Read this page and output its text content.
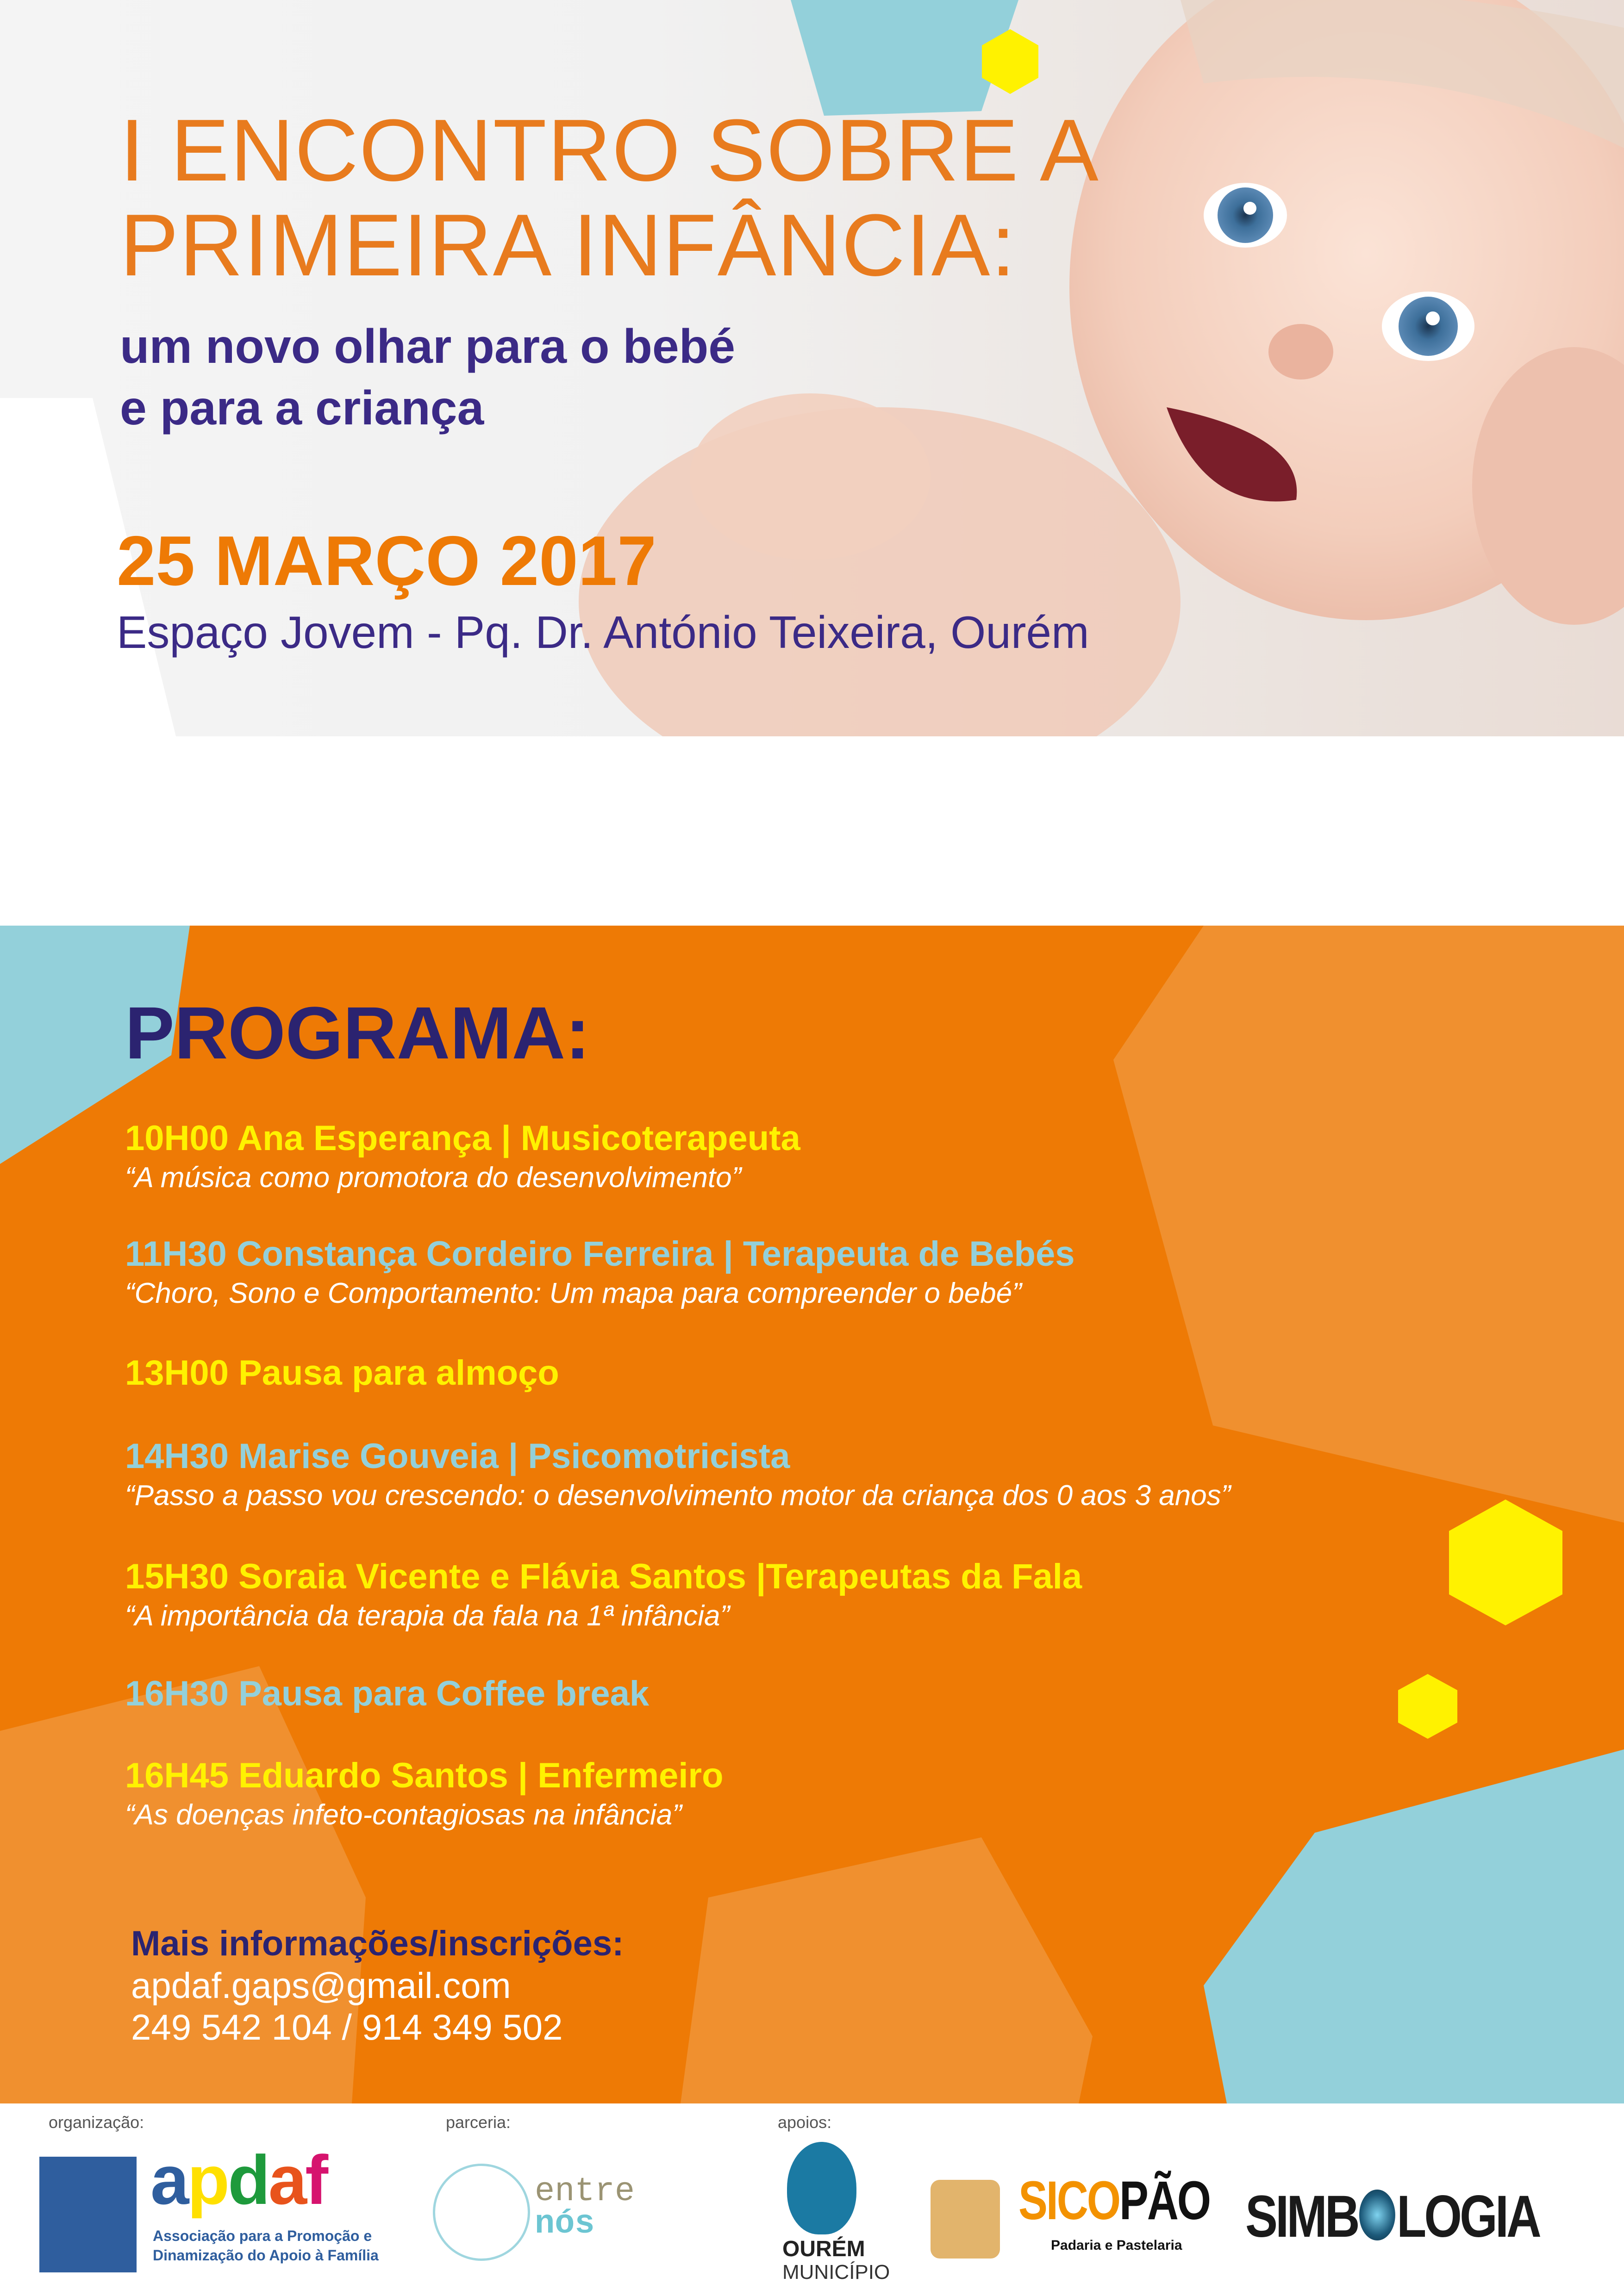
I ENCONTRO SOBRE A
PRIMEIRA INFÂNCIA:
um novo olhar para o bebé
e para a criança
25 MARÇO 2017
Espaço Jovem - Pq. Dr. António Teixeira, Ourém
PROGRAMA:
10H00 Ana Esperança | Musicoterapeuta
“A música como promotora do desenvolvimento”
11H30 Constança Cordeiro Ferreira | Terapeuta de Bebés
“Choro, Sono e Comportamento: Um mapa para compreender o bebé”
13H00 Pausa para almoço
14H30 Marise Gouveia | Psicomotricista
“Passo a passo vou crescendo: o desenvolvimento motor da criança dos 0 aos 3 anos”
15H30 Soraia Vicente e Flávia Santos |Terapeutas da Fala
“A importância da terapia da fala na 1ª infância”
16H30 Pausa para Coffee break
16H45 Eduardo Santos | Enfermeiro
“As doenças infeto-contagiosas na infância”
Mais informações/inscrições:
apdaf.gaps@gmail.com
249 542 104 / 914 349 502
organização:	parceria:	apoios:
apdaf
Associação para a Promoção e
Dinamização do Apoio à Família
entre
nós
OURÉM
MUNICÍPIO
SICOPÃO
Padaria e Pastelaria SIMB LOGIA
